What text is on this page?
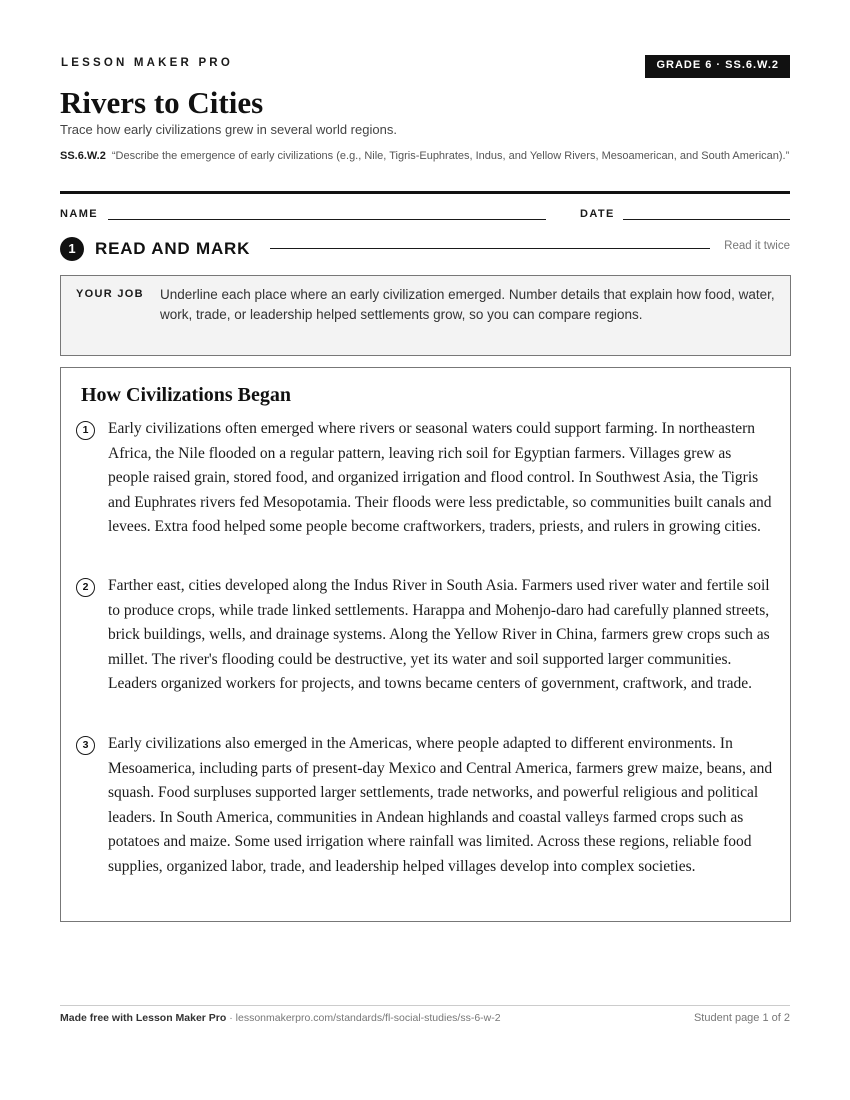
LESSON MAKER PRO	GRADE 6 · SS.6.W.2
Rivers to Cities
Trace how early civilizations grew in several world regions.
SS.6.W.2 “Describe the emergence of early civilizations (e.g., Nile, Tigris-Euphrates, Indus, and Yellow Rivers, Mesoamerican, and South American).”
NAME	DATE
1	READ AND MARK	Read it twice
YOUR JOB Underline each place where an early civilization emerged. Number details that explain how food, water, work, trade, or leadership helped settlements grow, so you can compare regions.
How Civilizations Began
1	Early civilizations often emerged where rivers or seasonal waters could support farming. In northeastern Africa, the Nile flooded on a regular pattern, leaving rich soil for Egyptian farmers. Villages grew as people raised grain, stored food, and organized irrigation and flood control. In Southwest Asia, the Tigris and Euphrates rivers fed Mesopotamia. Their floods were less predictable, so communities built canals and levees. Extra food helped some people become craftworkers, traders, priests, and rulers in growing cities.

2	Farther east, cities developed along the Indus River in South Asia. Farmers used river water and fertile soil to produce crops, while trade linked settlements. Harappa and Mohenjo-daro had carefully planned streets, brick buildings, wells, and drainage systems. Along the Yellow River in China, farmers grew crops such as millet. The river's flooding could be destructive, yet its water and soil supported larger communities. Leaders organized workers for projects, and towns became centers of government, craftwork, and trade.

3	Early civilizations also emerged in the Americas, where people adapted to different environments. In Mesoamerica, including parts of present-day Mexico and Central America, farmers grew maize, beans, and squash. Food surpluses supported larger settlements, trade networks, and powerful religious and political leaders. In South America, communities in Andean highlands and coastal valleys farmed crops such as potatoes and maize. Some used irrigation where rainfall was limited. Across these regions, reliable food supplies, organized labor, trade, and leadership helped villages develop into complex societies.

Made free with Lesson Maker Pro · lessonmakerpro.com/standards/fl-social-studies/ss-6-w-2	Student page 1 of 2
